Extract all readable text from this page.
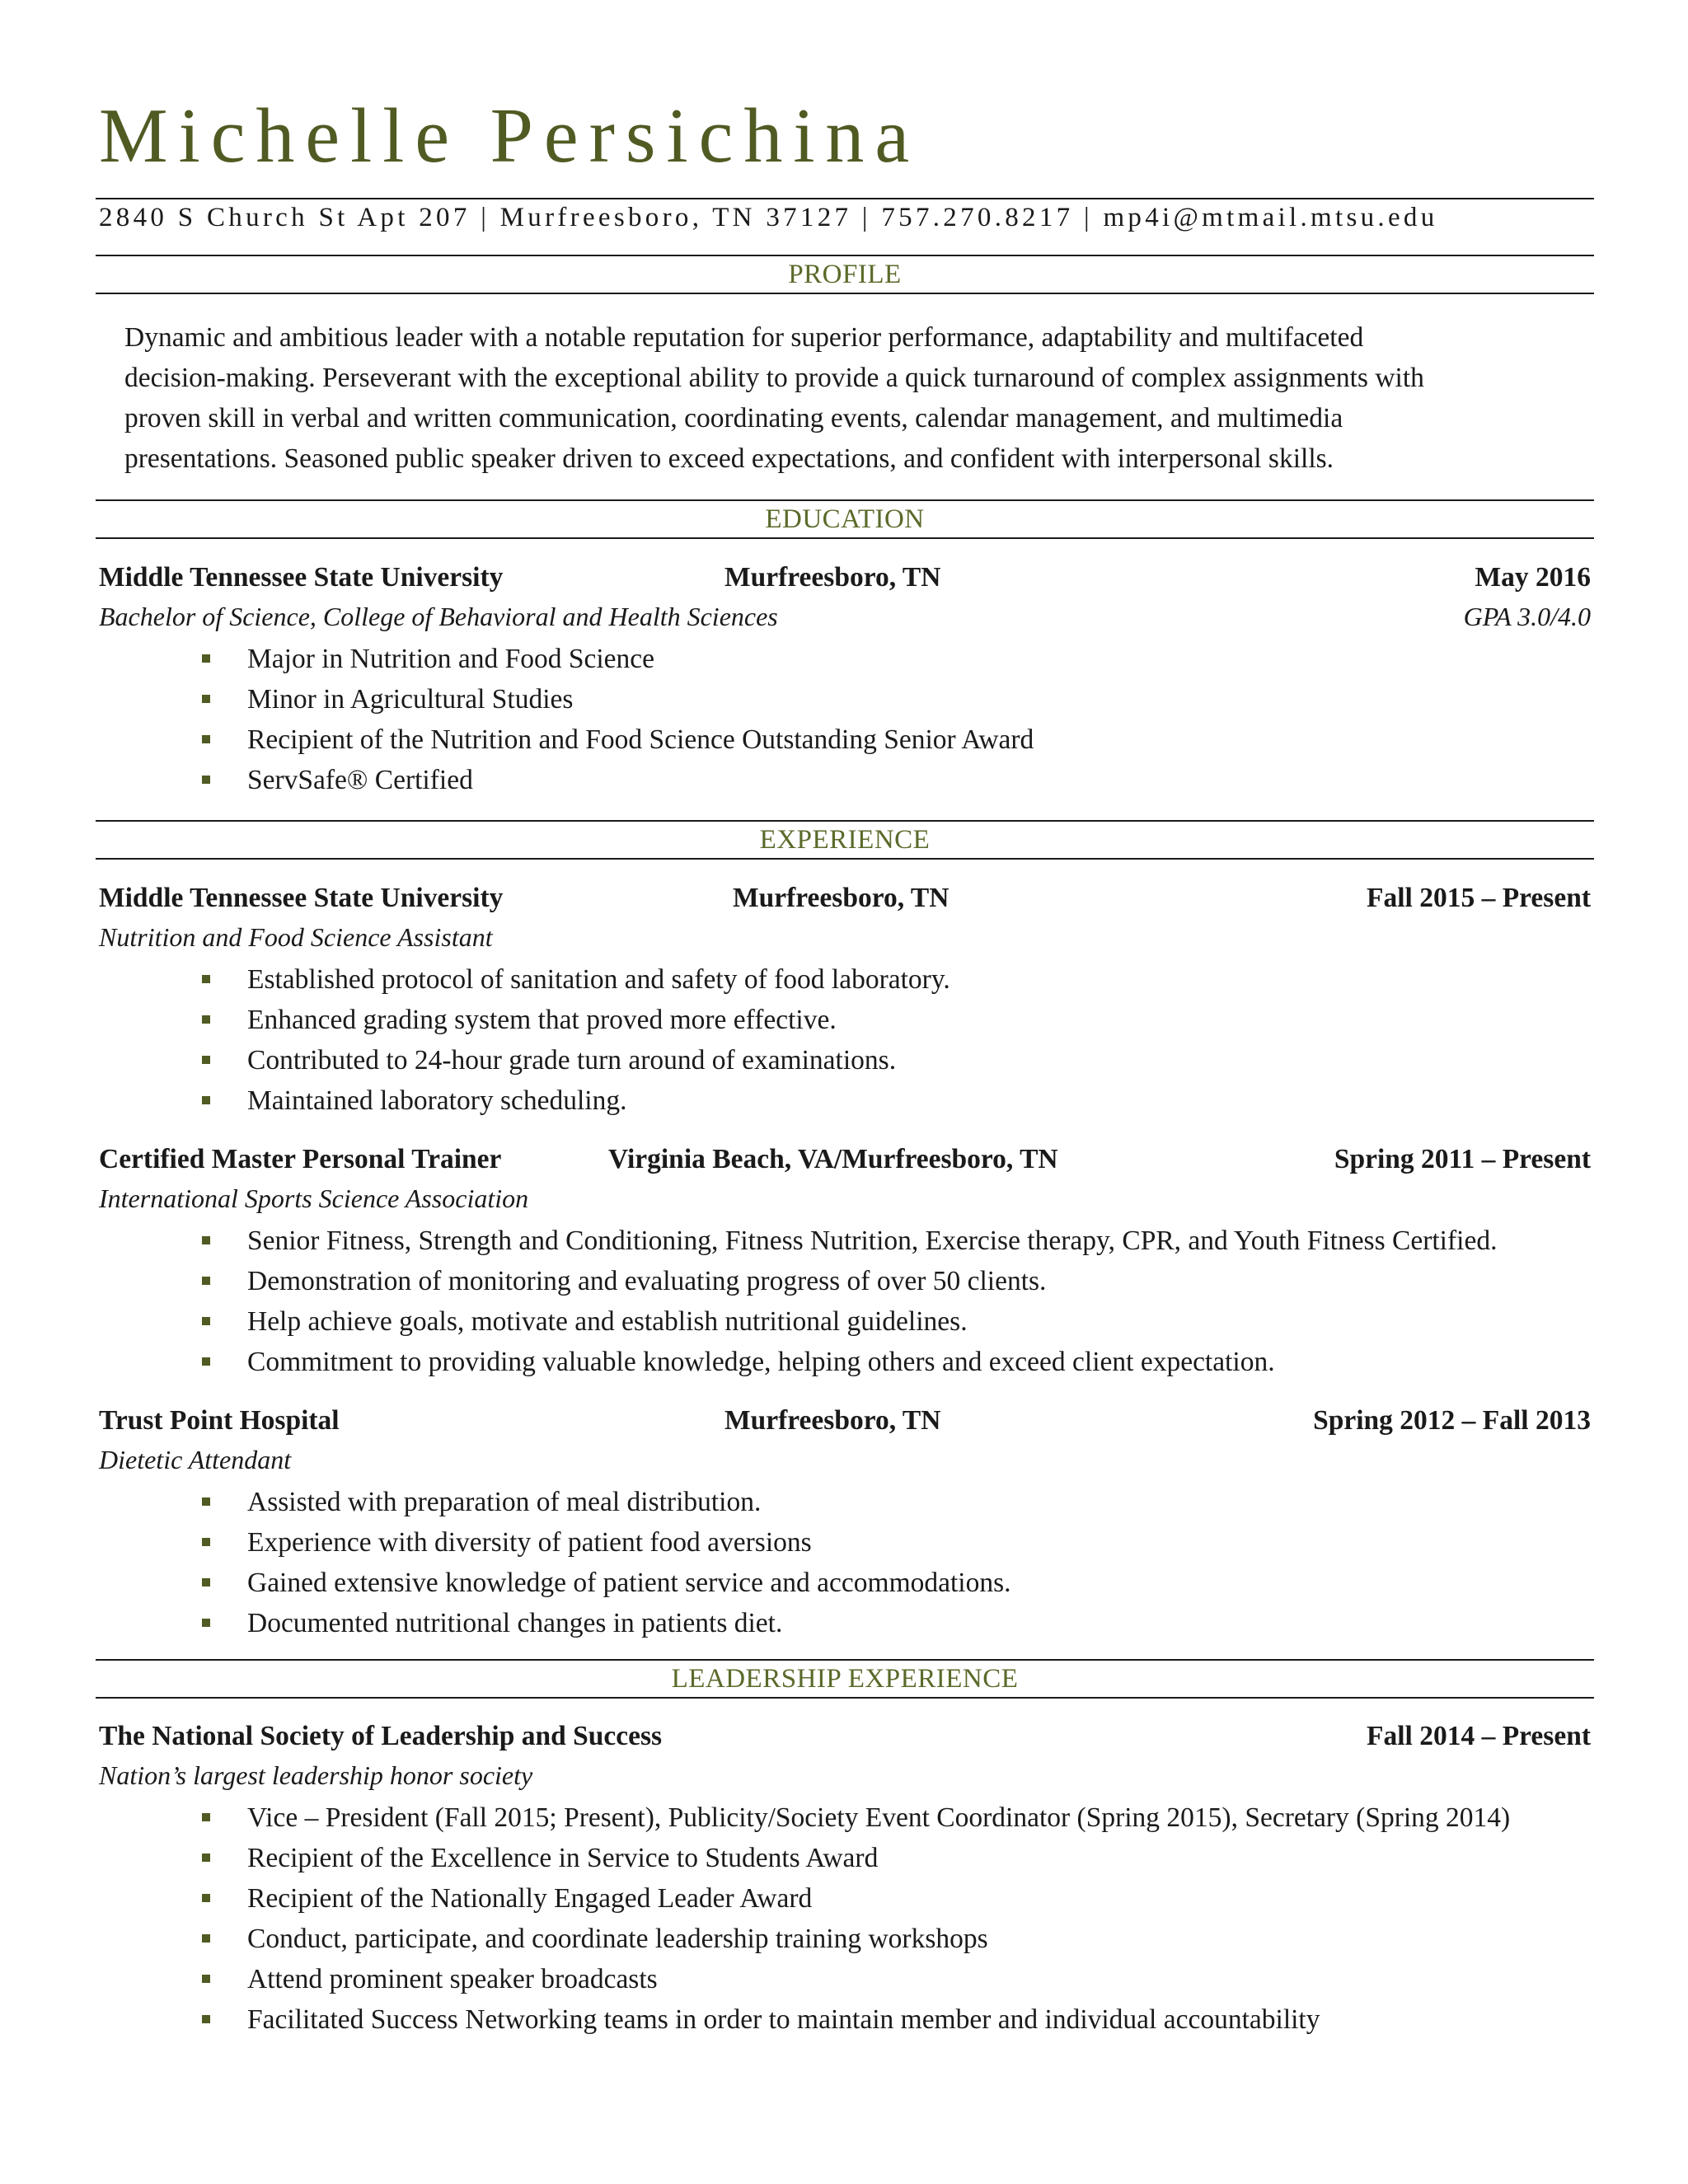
Michelle Persichina
2840 S Church St Apt 207 | Murfreesboro, TN 37127 | 757.270.8217 | mp4i@mtmail.mtsu.edu
PROFILE
Dynamic and ambitious leader with a notable reputation for superior performance, adaptability and multifaceted
decision-making. Perseverant with the exceptional ability to provide a quick turnaround of complex assignments with
proven skill in verbal and written communication, coordinating events, calendar management, and multimedia
presentations. Seasoned public speaker driven to exceed expectations, and confident with interpersonal skills.
EDUCATION
Middle Tennessee State University	Murfreesboro, TN	May 2016
Bachelor of Science, College of Behavioral and Health Sciences	GPA 3.0/4.0
Major in Nutrition and Food Science
Minor in Agricultural Studies
Recipient of the Nutrition and Food Science Outstanding Senior Award
ServSafe® Certified
EXPERIENCE
Middle Tennessee State University	Murfreesboro, TN	Fall 2015 – Present
Nutrition and Food Science Assistant
Established protocol of sanitation and safety of food laboratory.
Enhanced grading system that proved more effective.
Contributed to 24-hour grade turn around of examinations.
Maintained laboratory scheduling.
Certified Master Personal Trainer	Virginia Beach, VA/Murfreesboro, TN	Spring 2011 – Present
International Sports Science Association
Senior Fitness, Strength and Conditioning, Fitness Nutrition, Exercise therapy, CPR, and Youth Fitness Certified.
Demonstration of monitoring and evaluating progress of over 50 clients.
Help achieve goals, motivate and establish nutritional guidelines.
Commitment to providing valuable knowledge, helping others and exceed client expectation.
Trust Point Hospital	Murfreesboro, TN	Spring 2012 – Fall 2013
Dietetic Attendant
Assisted with preparation of meal distribution.
Experience with diversity of patient food aversions
Gained extensive knowledge of patient service and accommodations.
Documented nutritional changes in patients diet.
LEADERSHIP EXPERIENCE
The National Society of Leadership and Success	Fall 2014 – Present
Nation’s largest leadership honor society
Vice – President (Fall 2015; Present), Publicity/Society Event Coordinator (Spring 2015), Secretary (Spring 2014)
Recipient of the Excellence in Service to Students Award
Recipient of the Nationally Engaged Leader Award
Conduct, participate, and coordinate leadership training workshops
Attend prominent speaker broadcasts
Facilitated Success Networking teams in order to maintain member and individual accountability
